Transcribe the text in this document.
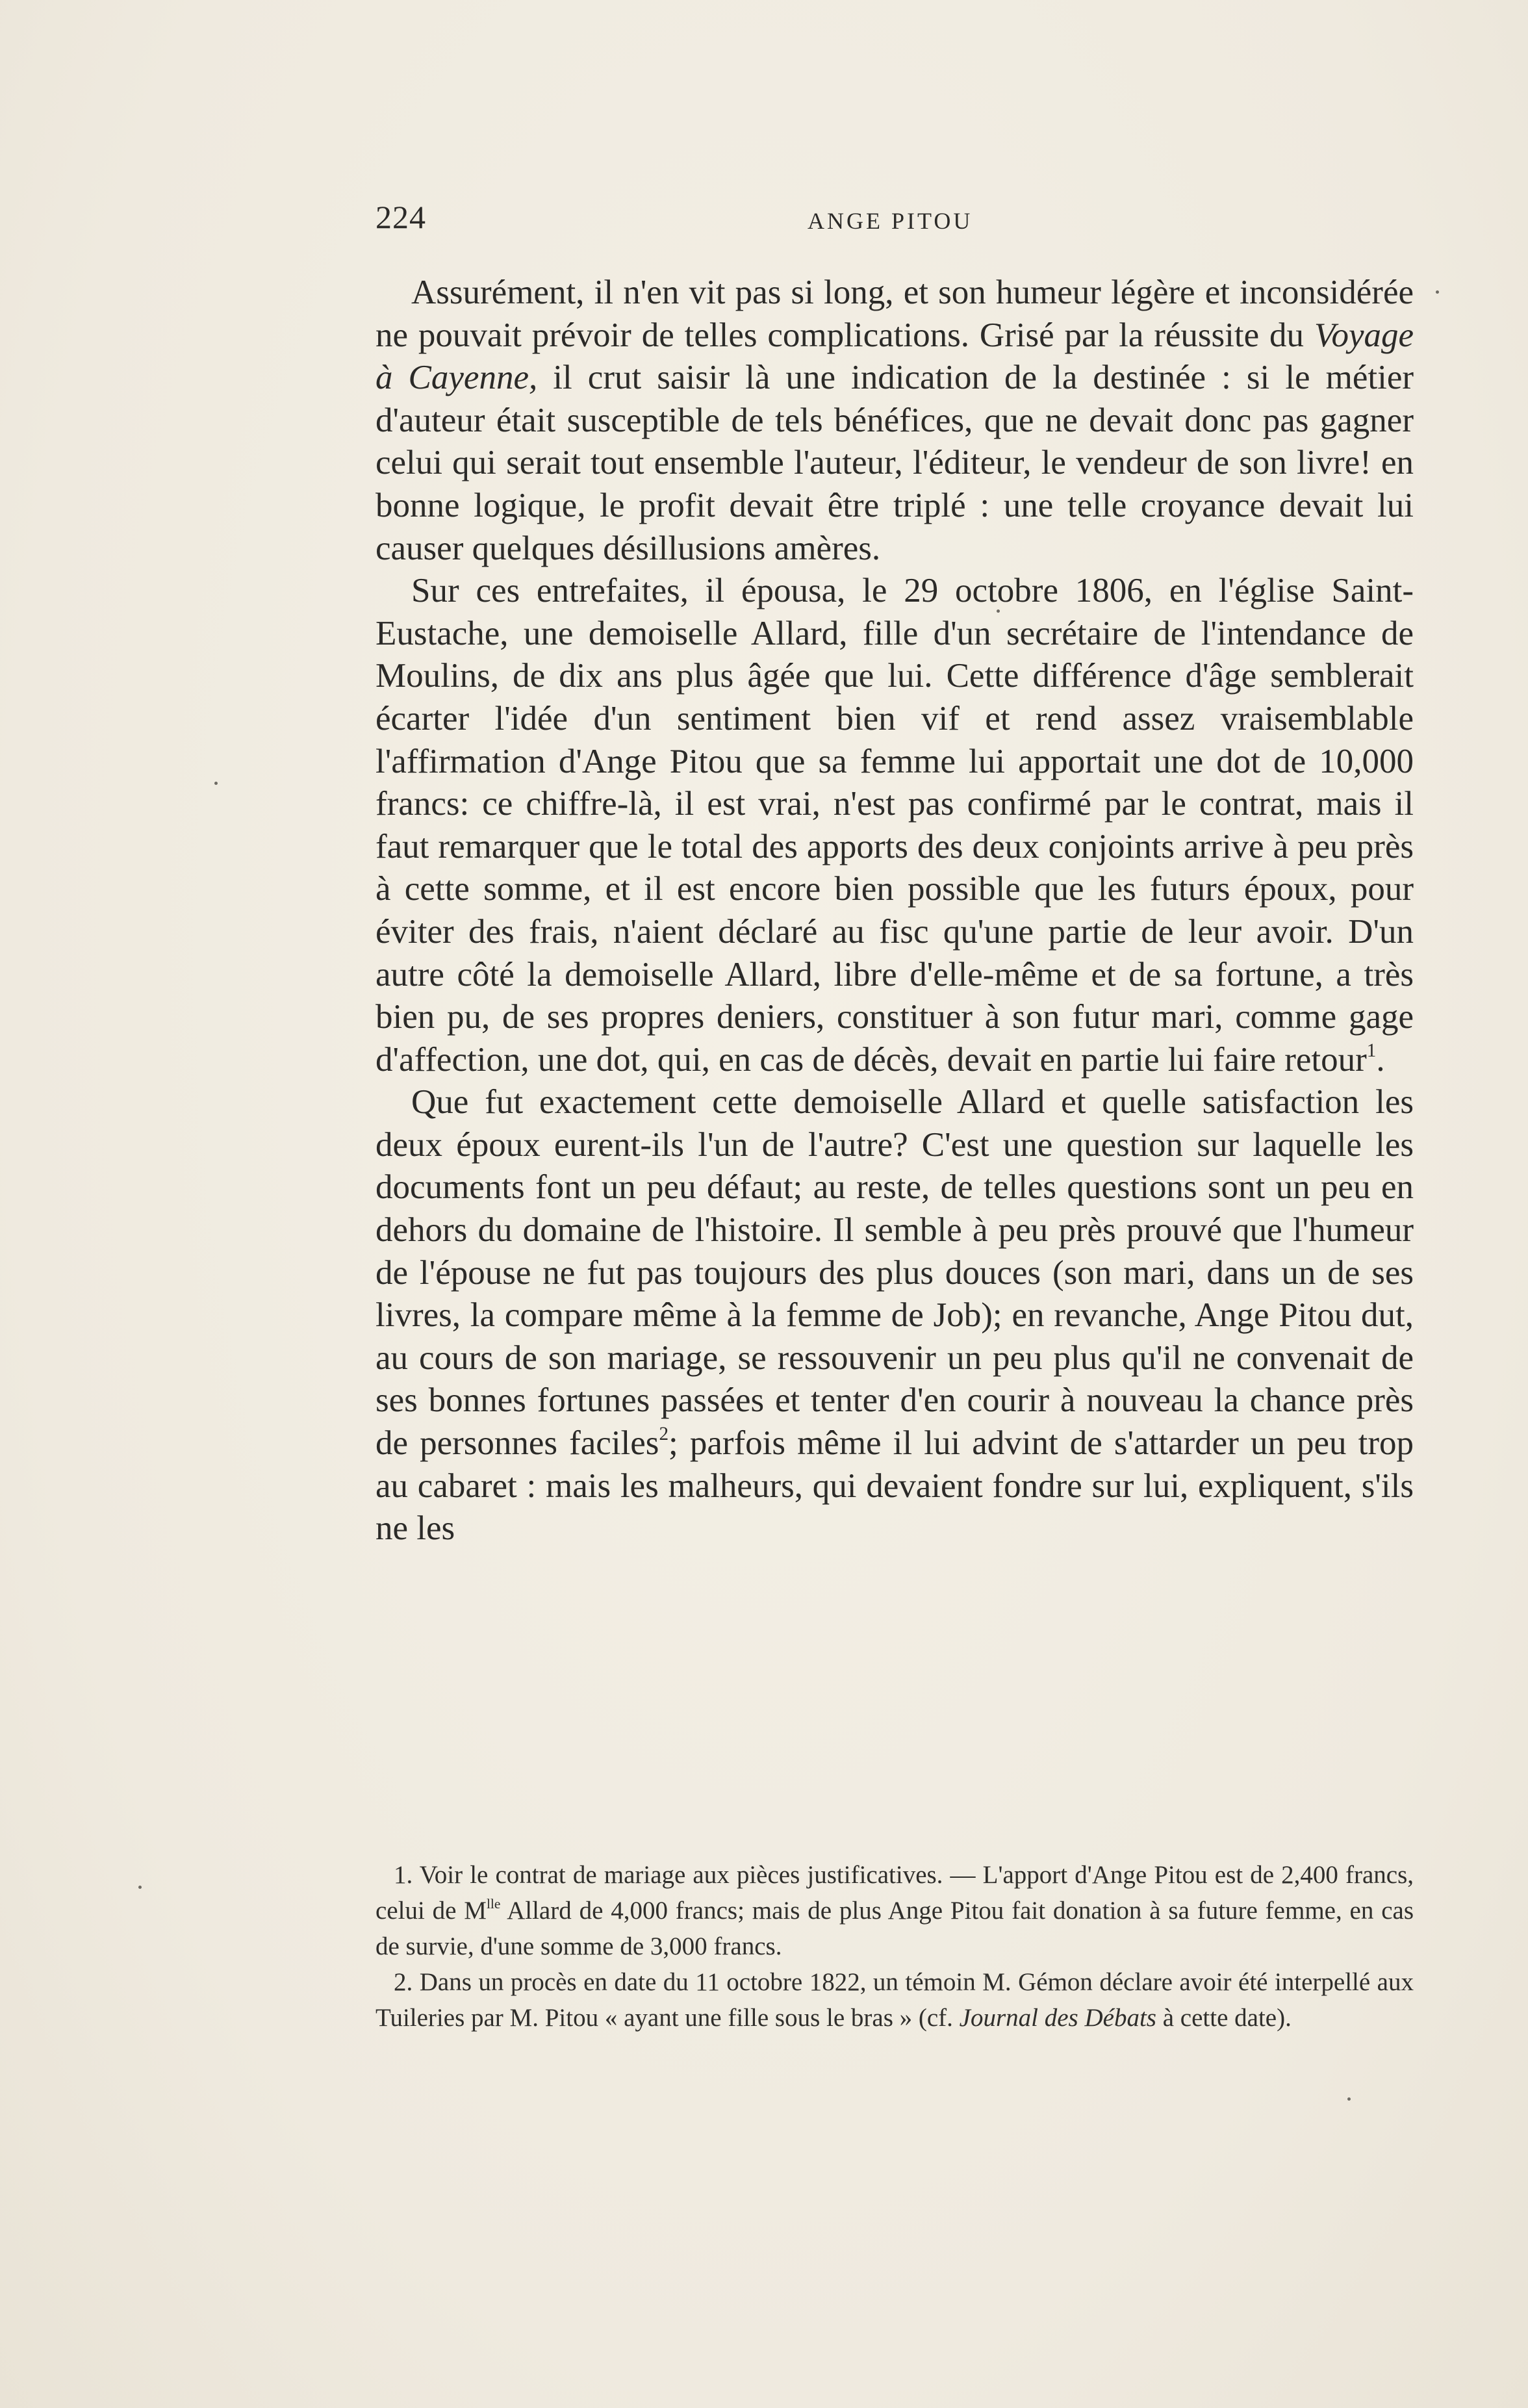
224	ANGE PITOU

Assurément, il n'en vit pas si long, et son humeur légère et inconsidérée ne pouvait prévoir de telles complications. Grisé par la réussite du Voyage à Cayenne, il crut saisir là une indication de la destinée : si le métier d'auteur était susceptible de tels bénéfices, que ne devait donc pas gagner celui qui serait tout ensemble l'auteur, l'éditeur, le vendeur de son livre! en bonne logique, le profit devait être triplé : une telle croyance devait lui causer quelques désillusions amères.

Sur ces entrefaites, il épousa, le 29 octobre 1806, en l'église Saint-Eustache, une demoiselle Allard, fille d'un secrétaire de l'intendance de Moulins, de dix ans plus âgée que lui. Cette différence d'âge semblerait écarter l'idée d'un sentiment bien vif et rend assez vraisemblable l'affirmation d'Ange Pitou que sa femme lui apportait une dot de 10,000 francs: ce chiffre-là, il est vrai, n'est pas confirmé par le contrat, mais il faut remarquer que le total des apports des deux conjoints arrive à peu près à cette somme, et il est encore bien possible que les futurs époux, pour éviter des frais, n'aient déclaré au fisc qu'une partie de leur avoir. D'un autre côté la demoiselle Allard, libre d'elle-même et de sa fortune, a très bien pu, de ses propres deniers, constituer à son futur mari, comme gage d'affection, une dot, qui, en cas de décès, devait en partie lui faire retour$^1$.

Que fut exactement cette demoiselle Allard et quelle satisfaction les deux époux eurent-ils l'un de l'autre? C'est une question sur laquelle les documents font un peu défaut; au reste, de telles questions sont un peu en dehors du domaine de l'histoire. Il semble à peu près prouvé que l'humeur de l'épouse ne fut pas toujours des plus douces (son mari, dans un de ses livres, la compare même à la femme de Job); en revanche, Ange Pitou dut, au cours de son mariage, se ressouvenir un peu plus qu'il ne convenait de ses bonnes fortunes passées et tenter d'en courir à nouveau la chance près de personnes faciles$^2$; parfois même il lui advint de s'attarder un peu trop au cabaret : mais les malheurs, qui devaient fondre sur lui, expliquent, s'ils ne les

1. Voir le contrat de mariage aux pièces justificatives. — L'apport d'Ange Pitou est de 2,400 francs, celui de $M^{lle}$ Allard de 4,000 francs; mais de plus Ange Pitou fait donation à sa future femme, en cas de survie, d'une somme de 3,000 francs.

2. Dans un procès en date du 11 octobre 1822, un témoin M. Gémon déclare avoir été interpellé aux Tuileries par M. Pitou « ayant une fille sous le bras » (cf. Journal des Débats à cette date).
